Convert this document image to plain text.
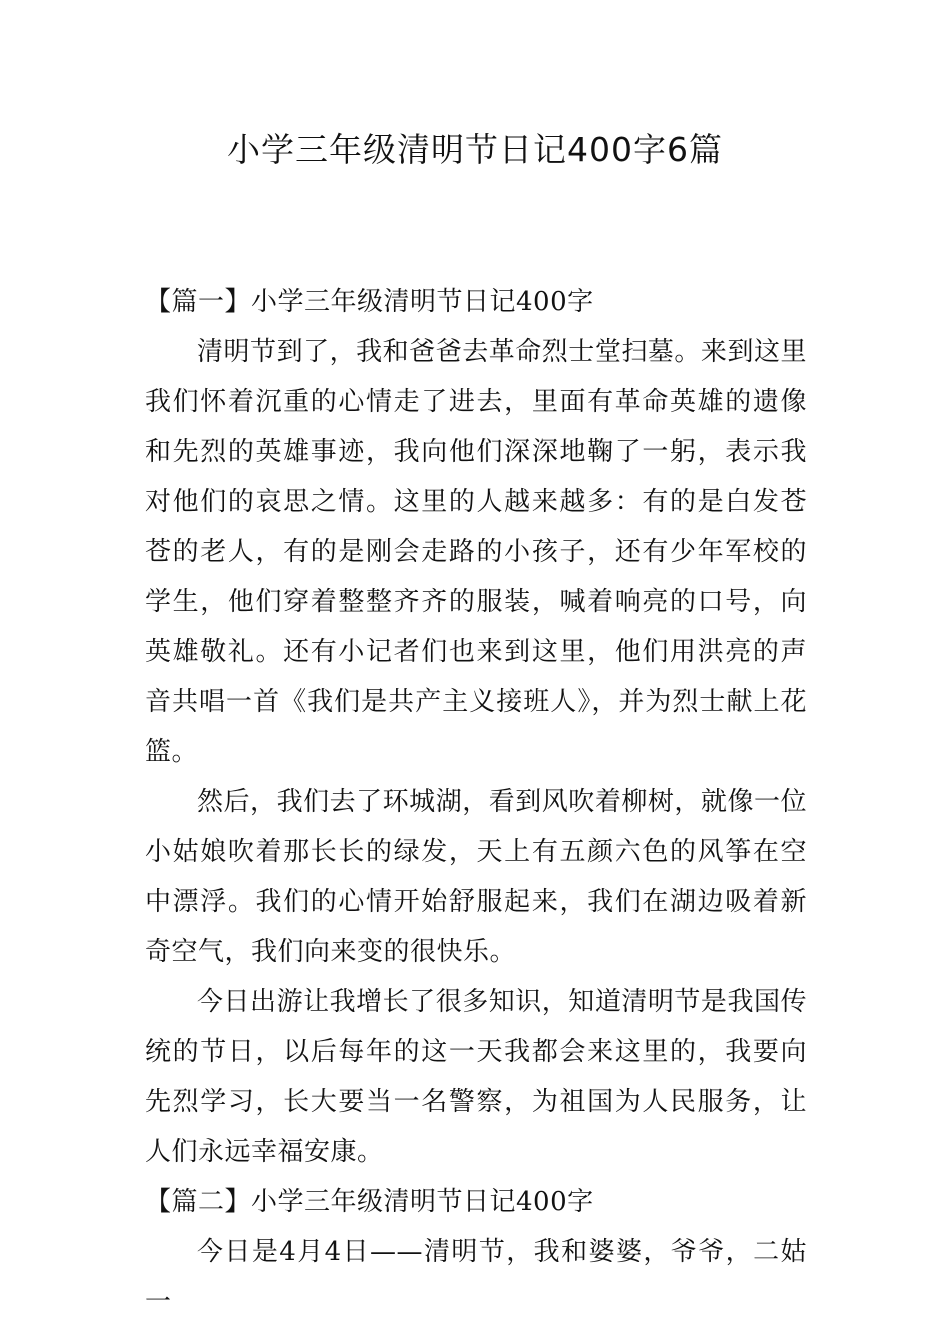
小学三年级清明节日记400字6篇
【篇一】小学三年级清明节日记400字

清明节到了，我和爸爸去革命烈士堂扫墓。来到这里我们怀着沉重的心情走了进去，里面有革命英雄的遗像和先烈的英雄事迹，我向他们深深地鞠了一躬，表示我对他们的哀思之情。这里的人越来越多：有的是白发苍苍的老人，有的是刚会走路的小孩子，还有少年军校的学生，他们穿着整整齐齐的服装，喊着响亮的口号，向英雄敬礼。还有小记者们也来到这里，他们用洪亮的声音共唱一首《我们是共产主义接班人》，并为烈士献上花篮。

然后，我们去了环城湖，看到风吹着柳树，就像一位小姑娘吹着那长长的绿发，天上有五颜六色的风筝在空中漂浮。我们的心情开始舒服起来，我们在湖边吸着新奇空气，我们向来变的很快乐。

今日出游让我增长了很多知识，知道清明节是我国传统的节日，以后每年的这一天我都会来这里的，我要向先烈学习，长大要当一名警察，为祖国为人民服务，让人们永远幸福安康。

【篇二】小学三年级清明节日记400字

今日是4月4日——清明节，我和婆婆，爷爷，二姑一
